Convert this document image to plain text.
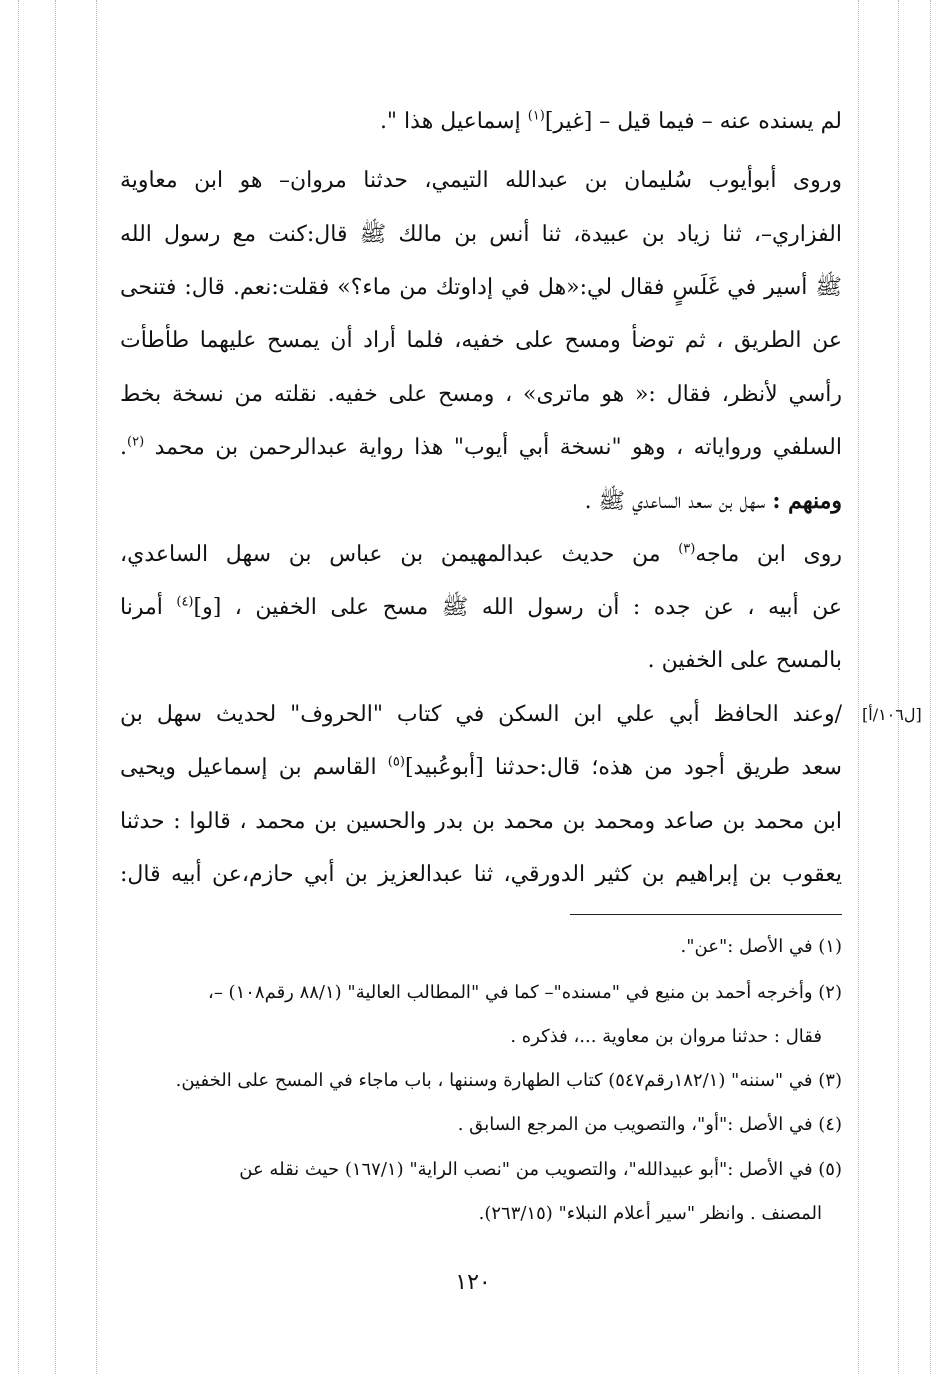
لم يسنده عنه – فيما قيل – [غير]$^{(١)}$ إسماعيل هذا ".
وروى أبوأيوب سُليمان بن عبدالله التيمي، حدثنا مروان– هو ابن معاوية
الفزاري–، ثنا زياد بن عبيدة، ثنا أنس بن مالك ﷺ قال:كنت مع رسول الله
ﷺ أسير في غَلَسٍ فقال لي:«هل في إداوتك من ماء؟» فقلت:نعم. قال: فتنحى
عن الطريق ، ثم توضأ ومسح على خفيه، فلما أراد أن يمسح عليهما طأطأت
رأسي لأنظر، فقال :« هو ماترى» ، ومسح على خفيه. نقلته من نسخة بخط
السلفي ورواياته ، وهو "نسخة أبي أيوب" هذا رواية عبدالرحمن بن محمد $^{(٢)}$.
ومنهم : سهل بن سعد الساعدي ﷺ .
روى ابن ماجه$^{(٣)}$ من حديث عبدالمهيمن بن عباس بن سهل الساعدي،
عن أبيه ، عن جده : أن رسول الله ﷺ مسح على الخفين ، [و]$^{(٤)}$ أمرنا
بالمسح على الخفين .
/وعند الحافظ أبي علي ابن السكن في كتاب "الحروف" لحديث سهل بن
سعد طريق أجود من هذه؛ قال:حدثنا [أبوعُبيد]$^{(٥)}$ القاسم بن إسماعيل ويحيى
ابن محمد بن صاعد ومحمد بن محمد بن بدر والحسين بن محمد ، قالوا : حدثنا
يعقوب بن إبراهيم بن كثير الدورقي، ثنا عبدالعزيز بن أبي حازم،عن أبيه قال:
[ل١٠٦/أ]
(١) في الأصل :"عن".
(٢) وأخرجه أحمد بن منيع في "مسنده"– كما في "المطالب العالية" (٨٨/١ رقم١٠٨) –،
فقال : حدثنا مروان بن معاوية ...، فذكره .
(٣) في "سننه" (١٨٢/١رقم٥٤٧) كتاب الطهارة وسننها ، باب ماجاء في المسح على الخفين.
(٤) في الأصل :"أو"، والتصويب من المرجع السابق .
(٥) في الأصل :"أبو عبيدالله"، والتصويب من "نصب الراية" (١٦٧/١) حيث نقله عن
المصنف . وانظر "سير أعلام النبلاء" (٢٦٣/١٥).
١٢٠
